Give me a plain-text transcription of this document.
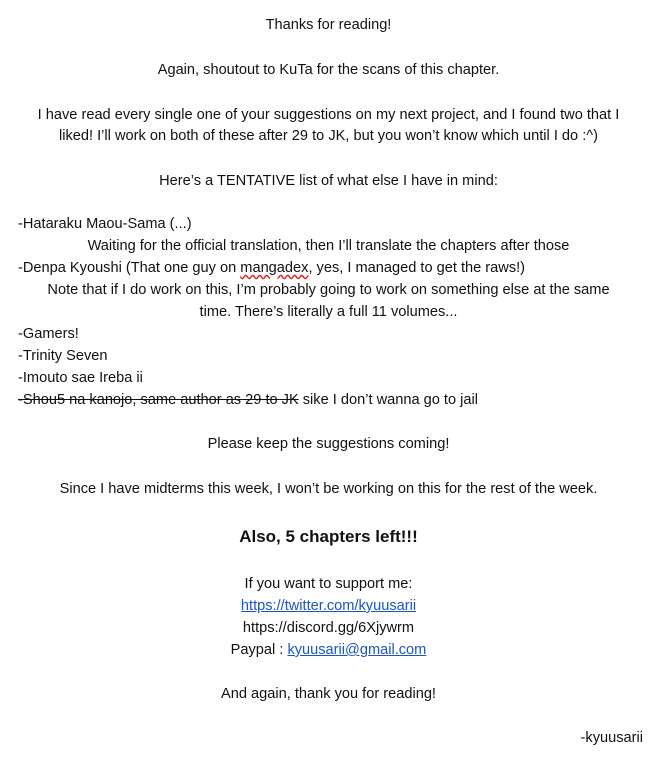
Thanks for reading!
Again, shoutout to KuTa for the scans of this chapter.
I have read every single one of your suggestions on my next project, and I found two that I
liked! I’ll work on both of these after 29 to JK, but you won’t know which until I do :^)
Here’s a TENTATIVE list of what else I have in mind:
-Hataraku Maou-Sama (...)
Waiting for the official translation, then I’ll translate the chapters after those
-Denpa Kyoushi (That one guy on mangadex, yes, I managed to get the raws!)
Note that if I do work on this, I’m probably going to work on something else at the same
time. There’s literally a full 11 volumes...
-Gamers!
-Trinity Seven
-Imouto sae Ireba ii
-Shou5 na kanojo, same author as 29 to JK sike I don’t wanna go to jail
Please keep the suggestions coming!
Since I have midterms this week, I won’t be working on this for the rest of the week.
Also, 5 chapters left!!!
If you want to support me:
https://twitter.com/kyuusarii
https://discord.gg/6Xjywrm
Paypal : kyuusarii@gmail.com
And again, thank you for reading!
-kyuusarii
